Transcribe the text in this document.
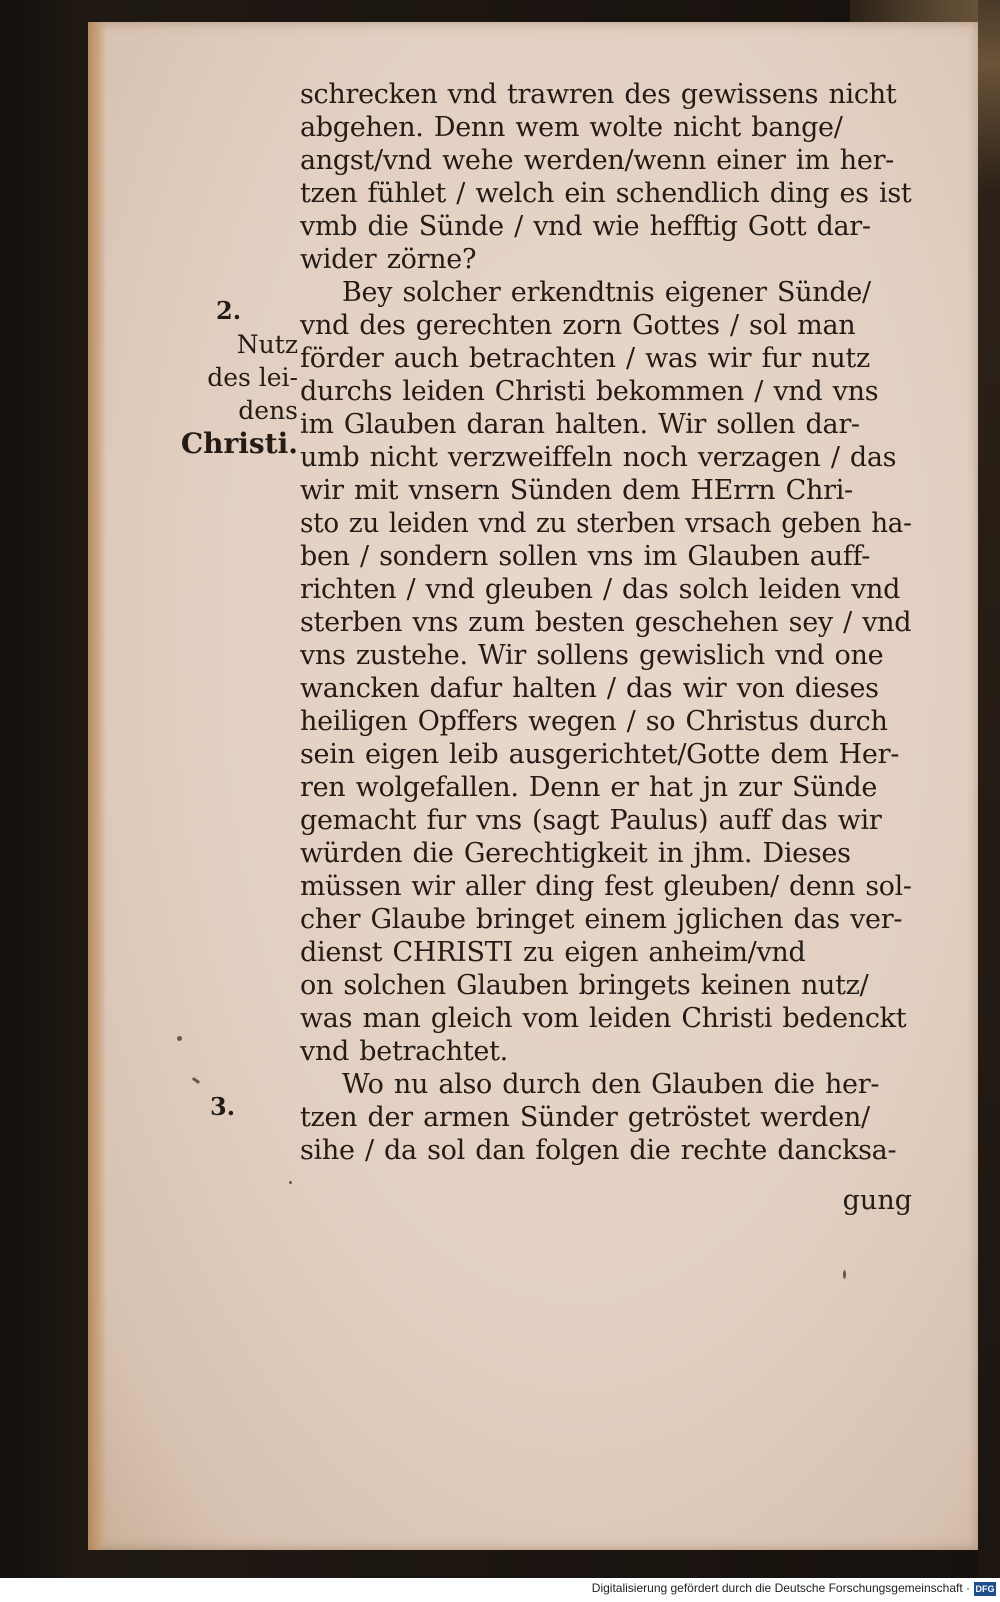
2.
Nutz
des lei-
dens
Christi.
3.
schrecken vnd trawren des gewissens nicht
abgehen. Denn wem wolte nicht bange/
angst/vnd wehe werden/wenn einer im her-
tzen fühlet / welch ein schendlich ding es ist
vmb die Sünde / vnd wie hefftig Gott dar-
wider zörne?
Bey solcher erkendtnis eigener Sünde/
vnd des gerechten zorn Gottes / sol man
förder auch betrachten / was wir fur nutz
durchs leiden Christi bekommen / vnd vns
im Glauben daran halten. Wir sollen dar-
umb nicht verzweiffeln noch verzagen / das
wir mit vnsern Sünden dem HErrn Chri-
sto zu leiden vnd zu sterben vrsach geben ha-
ben / sondern sollen vns im Glauben auff-
richten / vnd gleuben / das solch leiden vnd
sterben vns zum besten geschehen sey / vnd
vns zustehe. Wir sollens gewislich vnd one
wancken dafur halten / das wir von dieses
heiligen Opffers wegen / so Christus durch
sein eigen leib ausgerichtet/Gotte dem Her-
ren wolgefallen. Denn er hat jn zur Sünde
gemacht fur vns (sagt Paulus) auff das wir
würden die Gerechtigkeit in jhm. Dieses
müssen wir aller ding fest gleuben/ denn sol-
cher Glaube bringet einem jglichen das ver-
dienst CHRISTI zu eigen anheim/vnd
on solchen Glauben bringets keinen nutz/
was man gleich vom leiden Christi bedenckt
vnd betrachtet.
Wo nu also durch den Glauben die her-
tzen der armen Sünder getröstet werden/
sihe / da sol dan folgen die rechte dancksa-
gung
Digitalisierung gefördert durch die Deutsche Forschungsgemeinschaft · DFG
